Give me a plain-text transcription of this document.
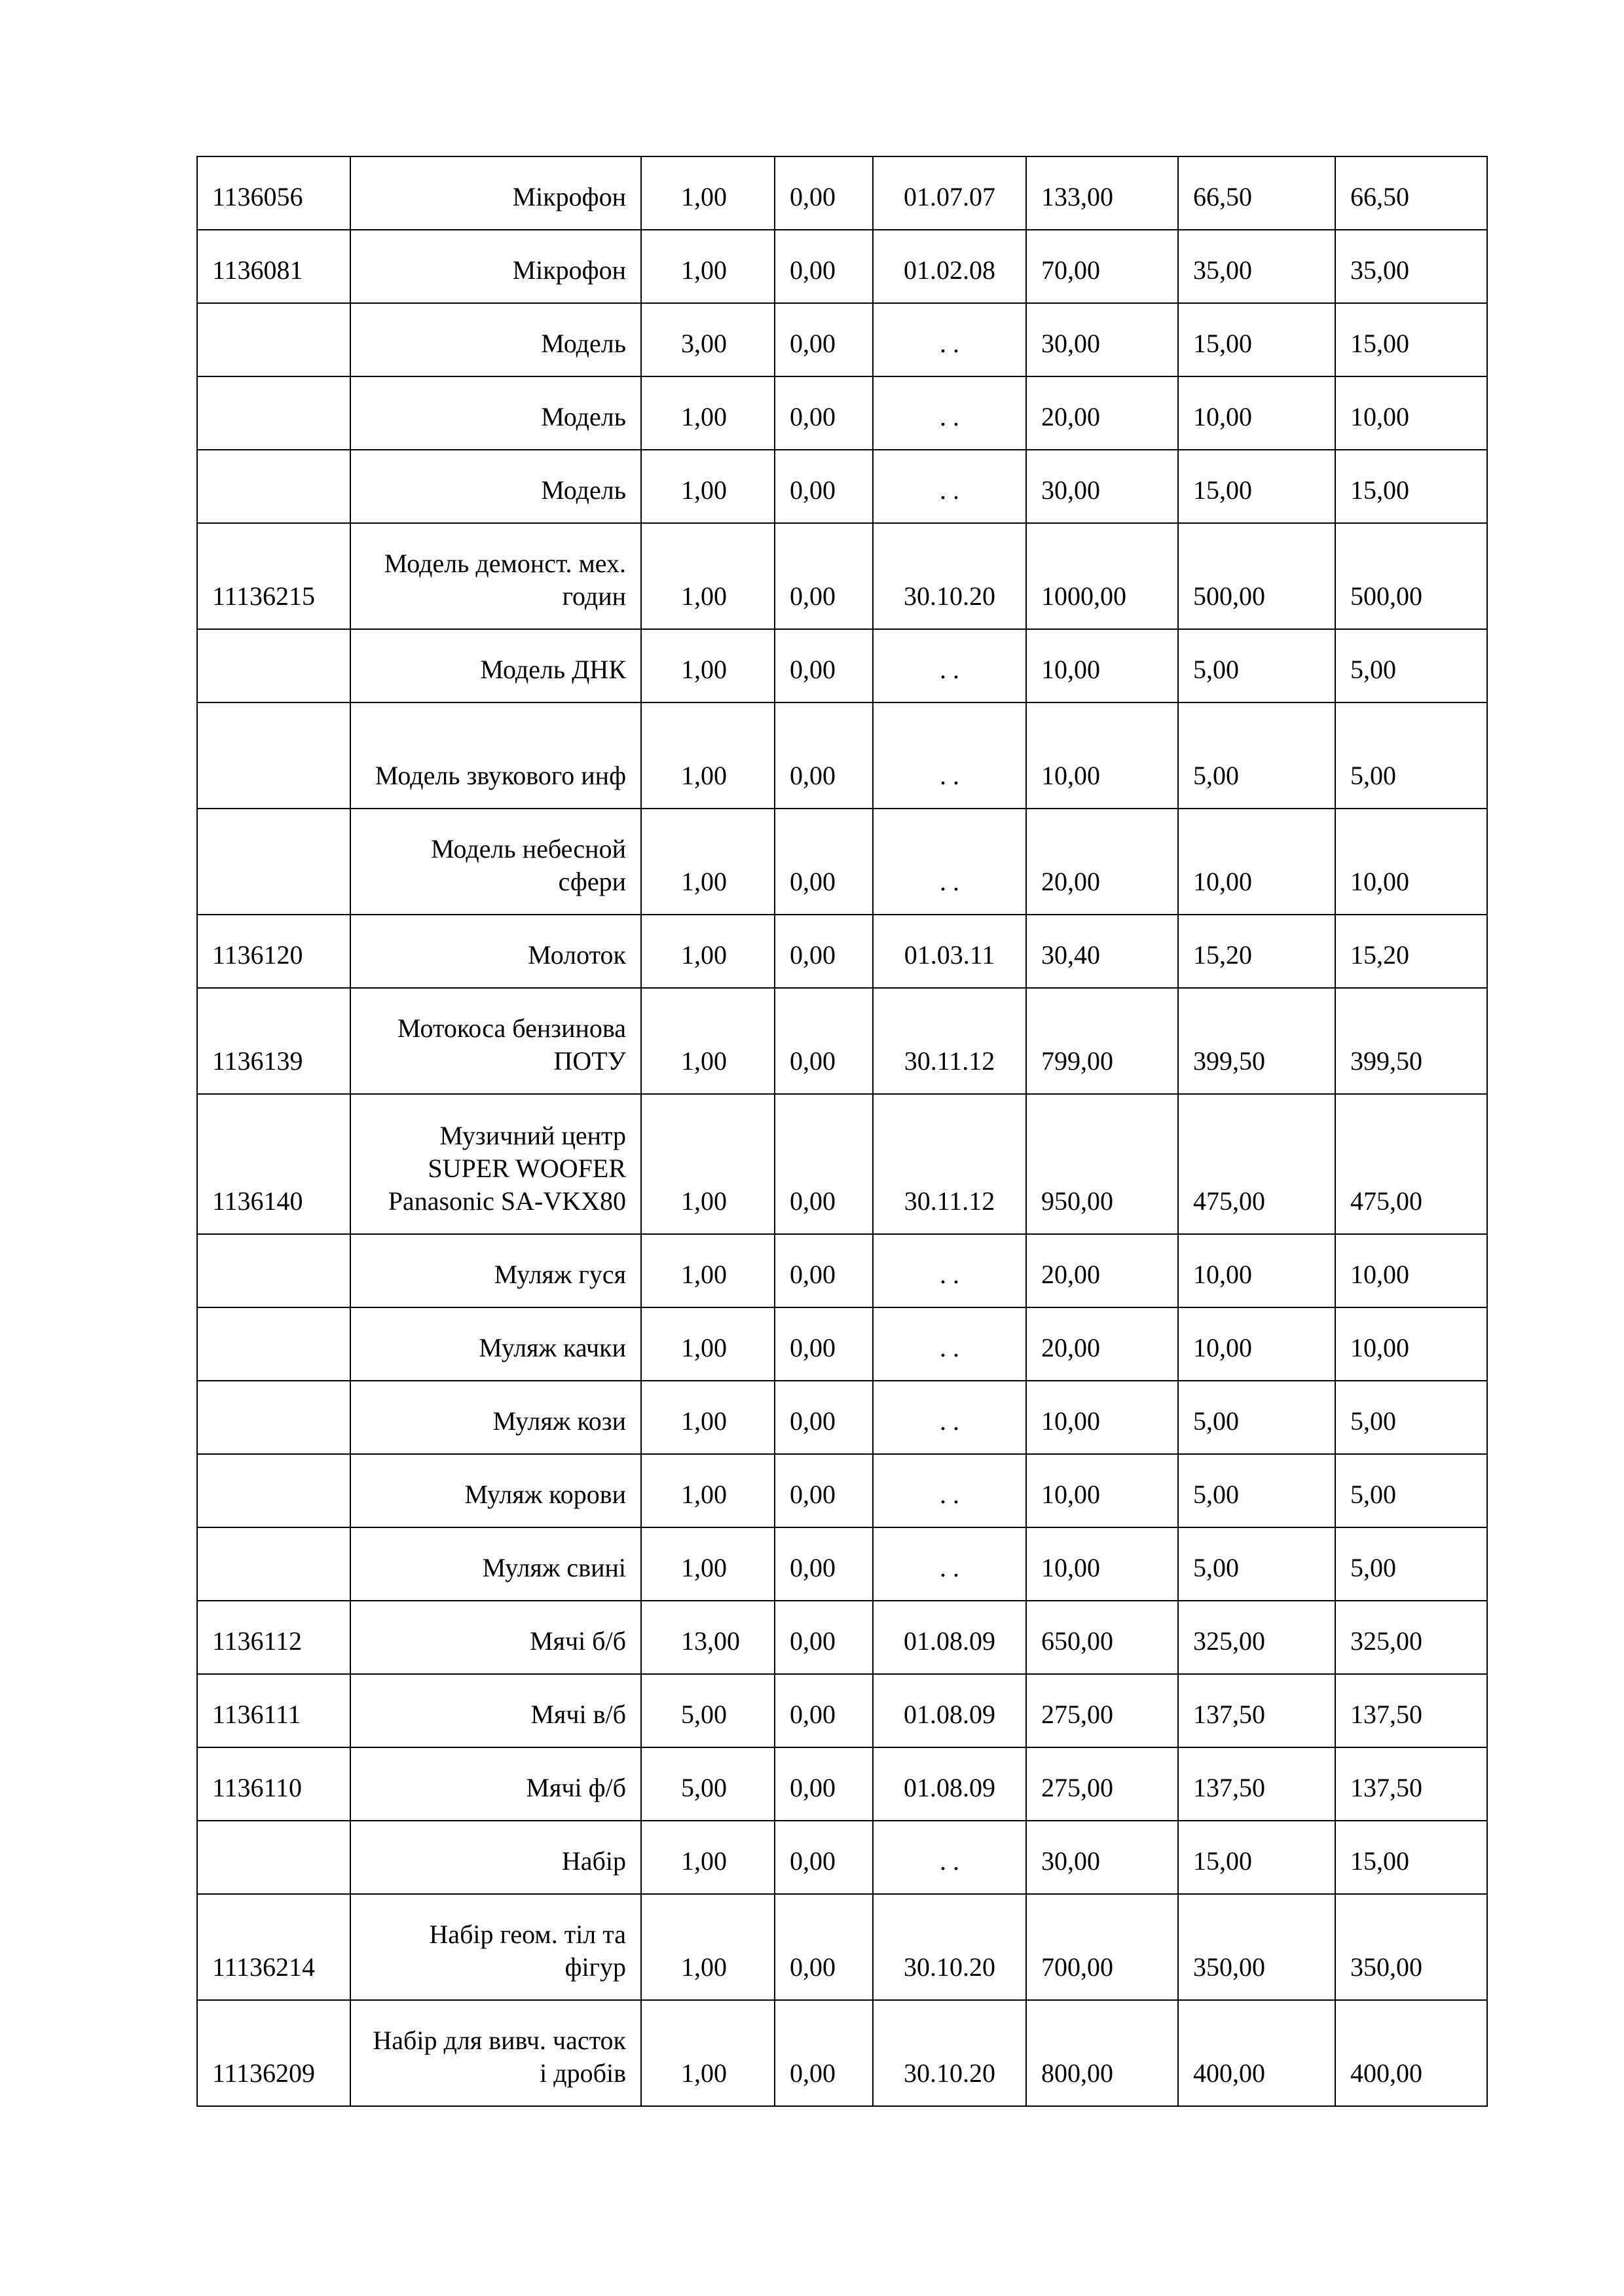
1136056	Мікрофон	1,00	0,00	01.07.07	133,00	66,50	66,50
1136081	Мікрофон	1,00	0,00	01.02.08	70,00	35,00	35,00
	Модель	3,00	0,00	. .	30,00	15,00	15,00
	Модель	1,00	0,00	. .	20,00	10,00	10,00
	Модель	1,00	0,00	. .	30,00	15,00	15,00
11136215	Модель демонст. мех. годин	1,00	0,00	30.10.20	1000,00	500,00	500,00
	Модель ДНК	1,00	0,00	. .	10,00	5,00	5,00
	Модель звукового инф	1,00	0,00	. .	10,00	5,00	5,00
	Модель небесной сфери	1,00	0,00	. .	20,00	10,00	10,00
1136120	Молоток	1,00	0,00	01.03.11	30,40	15,20	15,20
1136139	Мотокоса бензинова ПОТУ	1,00	0,00	30.11.12	799,00	399,50	399,50
1136140	Музичний центр SUPER WOOFER Panasonic SA-VKX80	1,00	0,00	30.11.12	950,00	475,00	475,00
	Муляж гуся	1,00	0,00	. .	20,00	10,00	10,00
	Муляж качки	1,00	0,00	. .	20,00	10,00	10,00
	Муляж кози	1,00	0,00	. .	10,00	5,00	5,00
	Муляж корови	1,00	0,00	. .	10,00	5,00	5,00
	Муляж свині	1,00	0,00	. .	10,00	5,00	5,00
1136112	Мячі б/б	13,00	0,00	01.08.09	650,00	325,00	325,00
1136111	Мячі в/б	5,00	0,00	01.08.09	275,00	137,50	137,50
1136110	Мячі ф/б	5,00	0,00	01.08.09	275,00	137,50	137,50
	Набір	1,00	0,00	. .	30,00	15,00	15,00
11136214	Набір геом. тіл та фігур	1,00	0,00	30.10.20	700,00	350,00	350,00
11136209	Набір для вивч. часток і дробів	1,00	0,00	30.10.20	800,00	400,00	400,00
